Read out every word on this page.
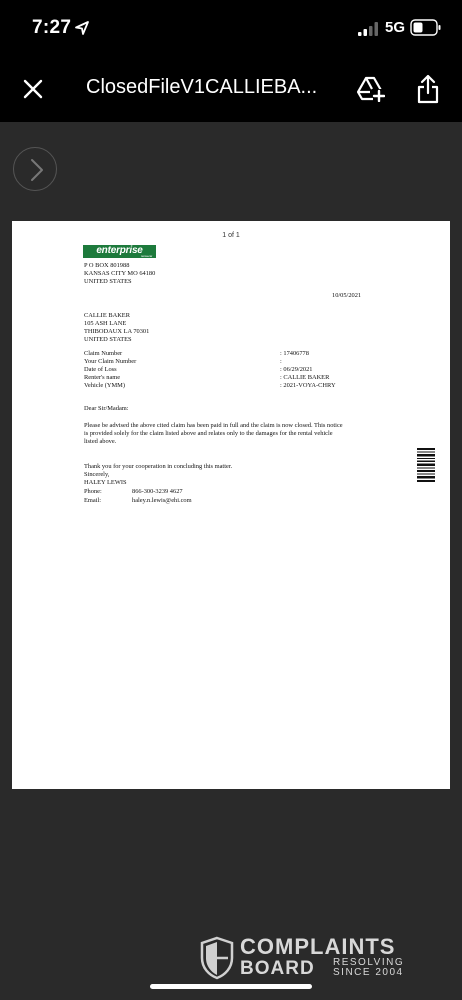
7:27	5G
ClosedFileV1CALLIEBA...
1 of 1
enterprise
rent-a-car
P O BOX 801988
KANSAS CITY MO 64180
UNITED STATES
10/05/2021
CALLIE BAKER
105 ASH LANE
THIBODAUX LA 70301
UNITED STATES
Claim Number	: 17406778
Your Claim Number	:
Date of Loss	: 06/29/2021
Renter's name	: CALLIE BAKER
Vehicle (YMM)	: 2021-VOYA-CHRY
Dear Sir/Madam:
Please be advised the above cited claim has been paid in full and the claim is now closed. This notice
is provided solely for the claim listed above and relates only to the damages for the rental vehicle
listed above.
Thank you for your cooperation in concluding this matter.
Sincerely,
HALEY LEWIS
Phone:	866-300-3239 4627
Email:	haley.n.lewis@ehi.com
COMPLAINTS
BOARD RESOLVING
SINCE 2004
